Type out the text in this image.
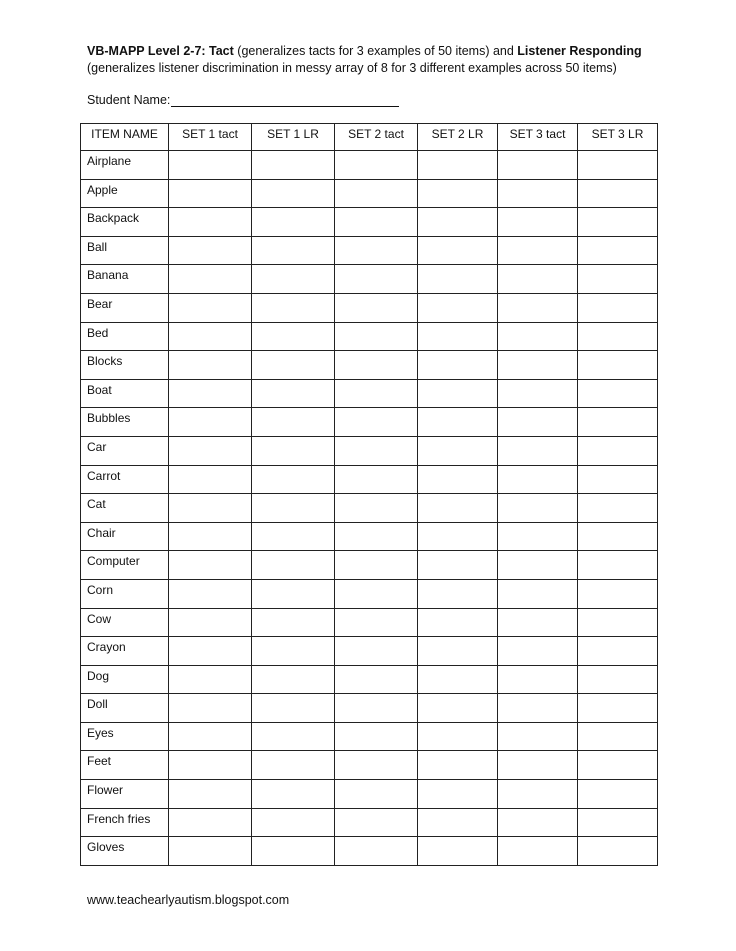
VB-MAPP Level 2-7: Tact (generalizes tacts for 3 examples of 50 items) and Listener Responding
(generalizes listener discrimination in messy array of 8 for 3 different examples across 50 items)
Student Name:
ITEM NAME	SET 1 tact	SET 1 LR	SET 2 tact	SET 2 LR	SET 3 tact	SET 3 LR
Airplane						
Apple						
Backpack						
Ball						
Banana						
Bear						
Bed						
Blocks						
Boat						
Bubbles						
Car						
Carrot						
Cat						
Chair						
Computer						
Corn						
Cow						
Crayon						
Dog						
Doll						
Eyes						
Feet						
Flower						
French fries						
Gloves						
www.teachearlyautism.blogspot.com
